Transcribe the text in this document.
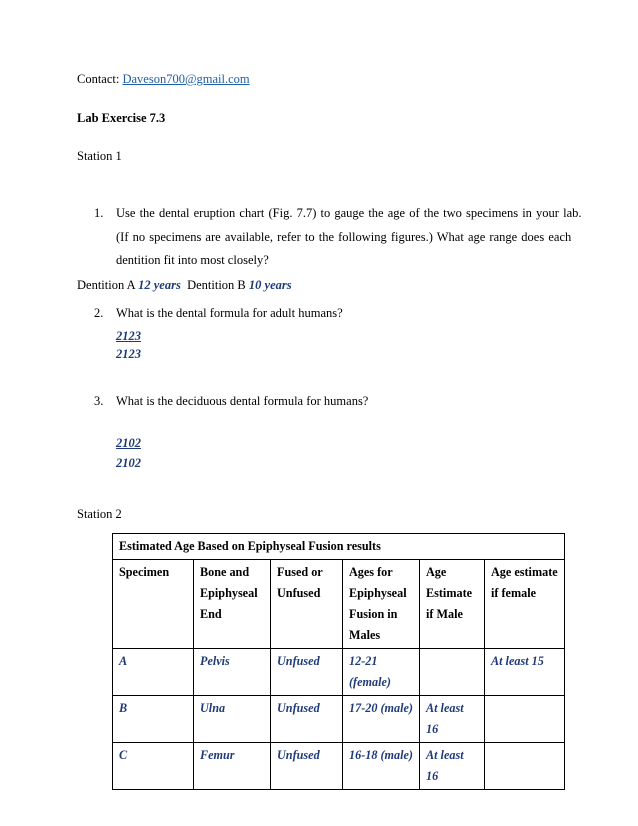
Contact: Daveson700@gmail.com
Lab Exercise 7.3
Station 1
1. Use the dental eruption chart (Fig. 7.7) to gauge the age of the two specimens in your lab.
(If no specimens are available, refer to the following figures.) What age range does each
dentition fit into most closely?
Dentition A 12 years Dentition B 10 years
2. What is the dental formula for adult humans?
2123
2123
3. What is the deciduous dental formula for humans?
2102
2102
Station 2
Estimated Age Based on Epiphyseal Fusion results					
Specimen	Bone and Epiphyseal End	Fused or Unfused	Ages for Epiphyseal Fusion in Males	Age Estimate if Male	Age estimate if female
A	Pelvis	Unfused	12-21 (female)		At least 15
B	Ulna	Unfused	17-20 (male)	At least 16	
C	Femur	Unfused	16-18 (male)	At least 16	
